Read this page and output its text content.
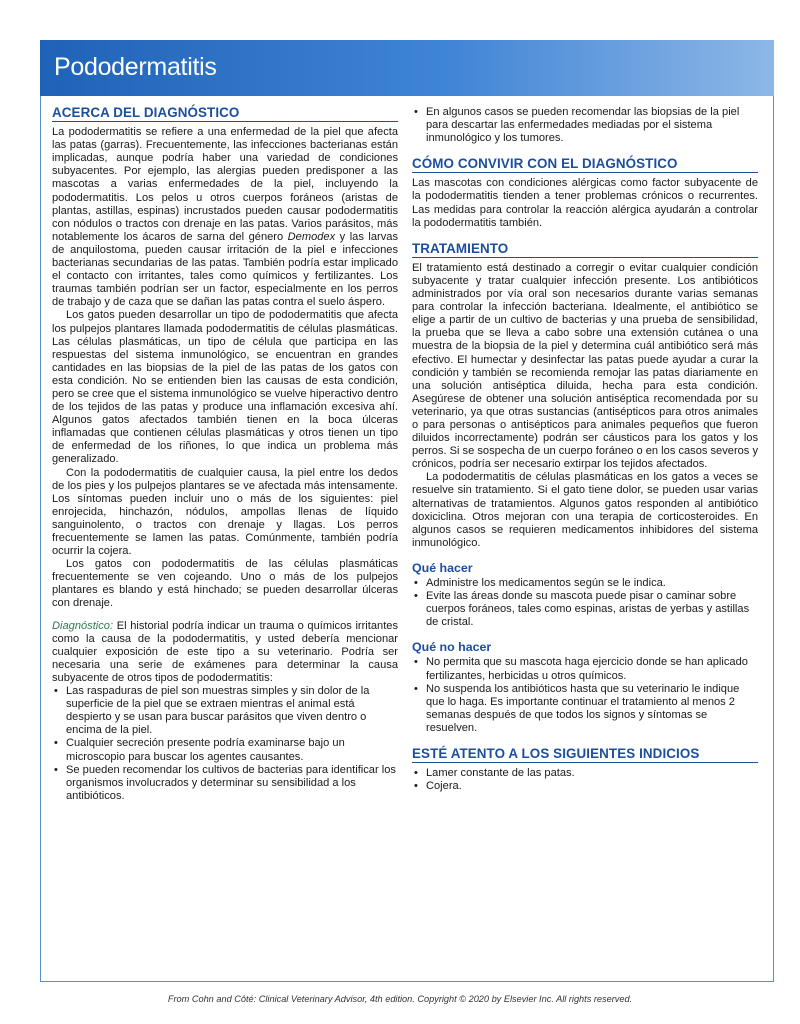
Pododermatitis
ACERCA DEL DIAGNÓSTICO

La pododermatitis se refiere a una enfermedad de la piel que afecta las patas (garras). Frecuentemente, las infecciones bacterianas están implicadas, aunque podría haber una variedad de condiciones subyacentes. Por ejemplo, las alergias pueden predisponer a las mascotas a varias enfermedades de la piel, incluyendo la pododermatitis. Los pelos u otros cuerpos foráneos (aristas de plantas, astillas, espinas) incrustados pueden causar pododermatitis con nódulos o tractos con drenaje en las patas. Varios parásitos, más notablemente los ácaros de sarna del género Demodex y las larvas de anquilostoma, pueden causar irritación de la piel e infecciones bacterianas secundarias de las patas. También podría estar implicado el contacto con irritantes, tales como químicos y fertilizantes. Los traumas también podrían ser un factor, especialmente en los perros de trabajo y de caza que se dañan las patas contra el suelo áspero.

Los gatos pueden desarrollar un tipo de pododermatitis que afecta los pulpejos plantares llamada pododermatitis de células plasmáticas. Las células plasmáticas, un tipo de célula que participa en las respuestas del sistema inmunológico, se encuentran en grandes cantidades en las biopsias de la piel de las patas de los gatos con esta condición. No se entienden bien las causas de esta condición, pero se cree que el sistema inmunológico se vuelve hiperactivo dentro de los tejidos de las patas y produce una inflamación excesiva ahí. Algunos gatos afectados también tienen en la boca úlceras inflamadas que contienen células plasmáticas y otros tienen un tipo de enfermedad de los riñones, lo que indica un problema más generalizado.

Con la pododermatitis de cualquier causa, la piel entre los dedos de los pies y los pulpejos plantares se ve afectada más intensamente. Los síntomas pueden incluir uno o más de los siguientes: piel enrojecida, hinchazón, nódulos, ampollas llenas de líquido sanguinolento, o tractos con drenaje y llagas. Los perros frecuentemente se lamen las patas. Comúnmente, también podría ocurrir la cojera.

Los gatos con pododermatitis de las células plasmáticas frecuentemente se ven cojeando. Uno o más de los pulpejos plantares es blando y está hinchado; se pueden desarrollar úlceras con drenaje.

Diagnóstico: El historial podría indicar un trauma o químicos irritantes como la causa de la pododermatitis, y usted debería mencionar cualquier exposición de este tipo a su veterinario. Podría ser necesaria una serie de exámenes para determinar la causa subyacente de otros tipos de pododermatitis:

• Las raspaduras de piel son muestras simples y sin dolor de la superficie de la piel que se extraen mientras el animal está despierto y se usan para buscar parásitos que viven dentro o encima de la piel.
• Cualquier secreción presente podría examinarse bajo un microscopio para buscar los agentes causantes.
• Se pueden recomendar los cultivos de bacterias para identificar los organismos involucrados y determinar su sensibilidad a los antibióticos.
• En algunos casos se pueden recomendar las biopsias de la piel para descartar las enfermedades mediadas por el sistema inmunológico y los tumores.
CÓMO CONVIVIR CON EL DIAGNÓSTICO

Las mascotas con condiciones alérgicas como factor subyacente de la pododermatitis tienden a tener problemas crónicos o recurrentes. Las medidas para controlar la reacción alérgica ayudarán a controlar la pododermatitis también.

TRATAMIENTO

El tratamiento está destinado a corregir o evitar cualquier condición subyacente y tratar cualquier infección presente. Los antibióticos administrados por vía oral son necesarios durante varias semanas para controlar la infección bacteriana. Idealmente, el antibiótico se elige a partir de un cultivo de bacterias y una prueba de sensibilidad, la prueba que se lleva a cabo sobre una extensión cutánea o una muestra de la biopsia de la piel y determina cuál antibiótico será más efectivo. El humectar y desinfectar las patas puede ayudar a curar la condición y también se recomienda remojar las patas diariamente en una solución antiséptica diluida, hecha para esta condición. Asegúrese de obtener una solución antiséptica recomendada por su veterinario, ya que otras sustancias (antisépticos para otros animales o para personas o antisépticos para animales pequeños que fueron diluidos incorrectamente) podrán ser cáusticos para los gatos y los perros. Si se sospecha de un cuerpo foráneo o en los casos severos y crónicos, podría ser necesario extirpar los tejidos afectados.

La pododermatitis de células plasmáticas en los gatos a veces se resuelve sin tratamiento. Si el gato tiene dolor, se pueden usar varias alternativas de tratamientos. Algunos gatos responden al antibiótico doxiciclina. Otros mejoran con una terapia de corticosteroides. En algunos casos se requieren medicamentos inhibidores del sistema inmunológico.

Qué hacer
• Administre los medicamentos según se le indica.
• Evite las áreas donde su mascota puede pisar o caminar sobre cuerpos foráneos, tales como espinas, aristas de yerbas y astillas de cristal.
Qué no hacer
• No permita que su mascota haga ejercicio donde se han aplicado fertilizantes, herbicidas u otros químicos.
• No suspenda los antibióticos hasta que su veterinario le indique que lo haga. Es importante continuar el tratamiento al menos 2 semanas después de que todos los signos y síntomas se resuelven.
ESTÉ ATENTO A LOS SIGUIENTES INDICIOS
• Lamer constante de las patas.
• Cojera.
From Cohn and Côté: Clinical Veterinary Advisor, 4th edition. Copyright © 2020 by Elsevier Inc. All rights reserved.
